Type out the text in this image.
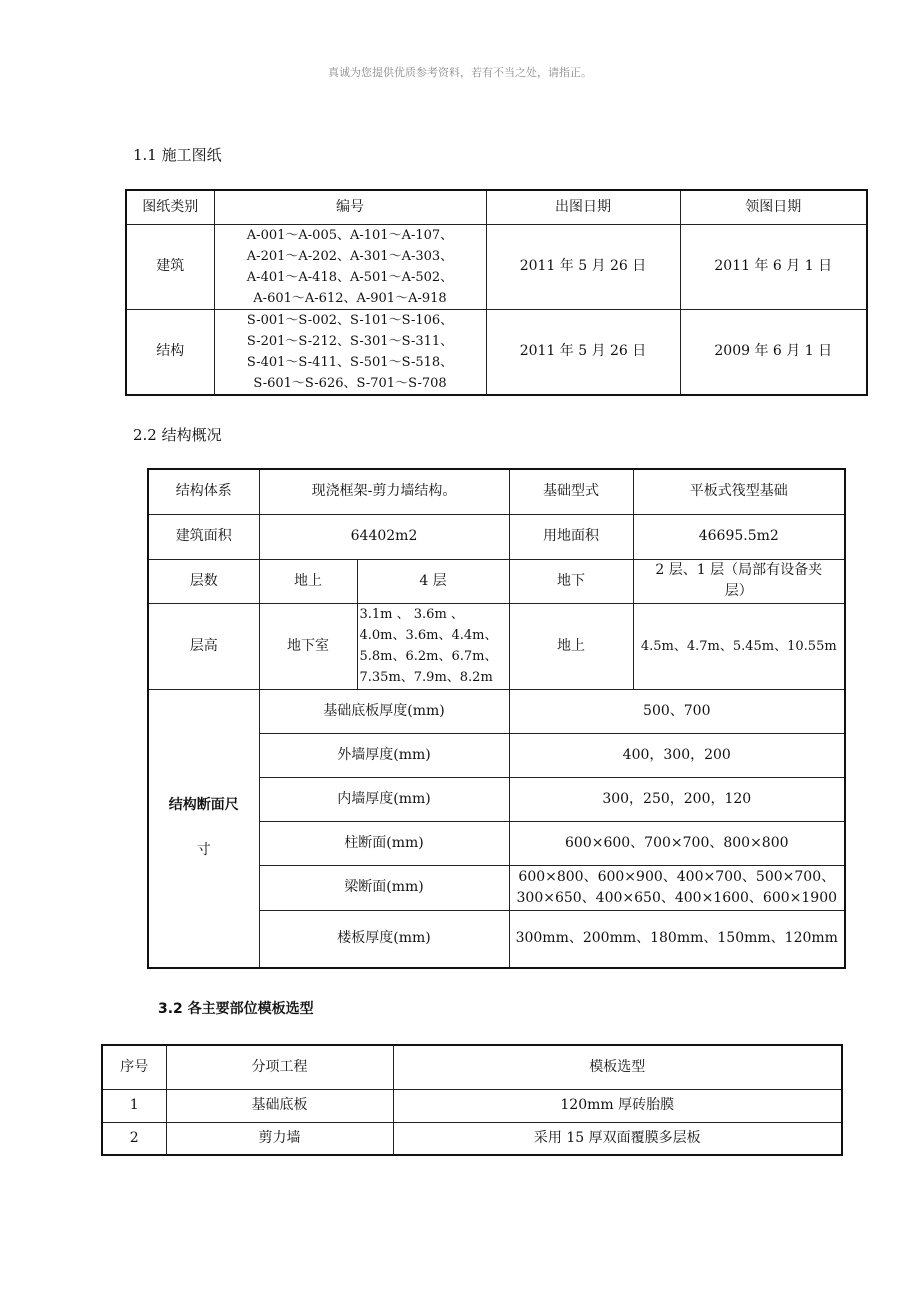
真诚为您提供优质参考资料，若有不当之处，请指正。
1.1 施工图纸
图纸类别	编号	出图日期	领图日期
建筑	A-001～A-005、A-101～A-107、
A-201～A-202、A-301～A-303、
A-401～A-418、A-501～A-502、
A-601～A-612、A-901～A-918	2011 年 5 月 26 日	2011 年 6 月 1 日
结构	S-001～S-002、S-101～S-106、
S-201～S-212、S-301～S-311、
S-401～S-411、S-501～S-518、
S-601～S-626、S-701～S-708	2011 年 5 月 26 日	2009 年 6 月 1 日
2.2 结构概况
结构体系	现浇框架-剪力墙结构。		基础型式	平板式筏型基础
建筑面积	64402m2		用地面积	46695.5m2
层数	地上	4 层	地下	2 层、1 层（局部有设备夹
层）

层高	地下室	3.1m 、 3.6m 、
4.0m、3.6m、4.4m、
5.8m、6.2m、6.7m、
7.35m、7.9m、8.2m	地上	4.5m、4.7m、5.45m、10.55m

结构断面尺
寸	基础底板厚度(mm)		500、700	
	外墙厚度(mm)		400，300，200	
	内墙厚度(mm)		300，250，200，120	
	柱断面(mm)		600×600、700×700、800×800	
	梁断面(mm)		600×800、600×900、400×700、500×700、
300×650、400×650、400×1600、600×1900	

	楼板厚度(mm)		300mm、200mm、180mm、150mm、120mm	
3.2 各主要部位模板选型
序号	分项工程	模板选型
1	基础底板	120mm 厚砖胎膜
2	剪力墙	采用 15 厚双面覆膜多层板
